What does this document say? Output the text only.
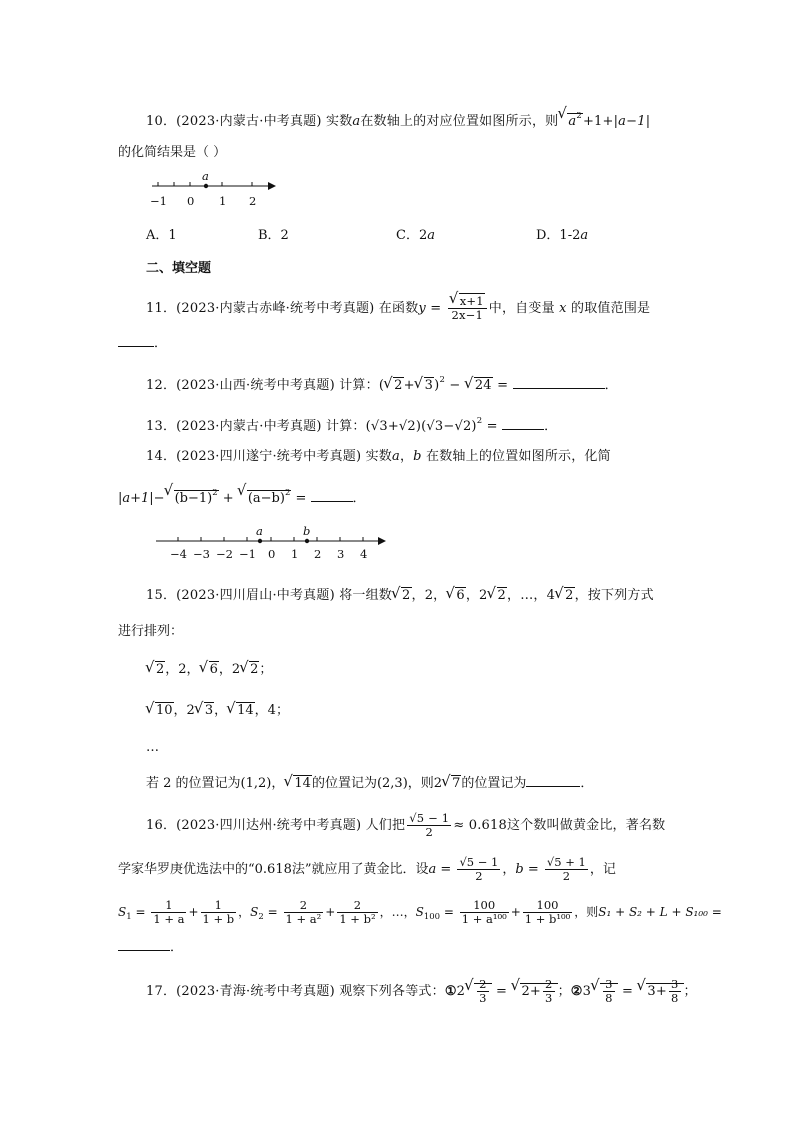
10．(2023·内蒙古·中考真题) 实数a在数轴上的对应位置如图所示，则 √ $a^2+1+|a-1|$
的化简结果是（ ）
a
−1 0 1 2
A．1	B．2	C．2a	D．1-2a
二、填空题
11．(2023·内蒙古赤峰·统考中考真题) 在函数y = √ $\frac{x+1}{2x-1}$ 中，自变量 x 的取值范围是
．
12．(2023·山西·统考中考真题) 计算：( √ 2+ √ 3)$^2$ − √ 24 =	．
13．(2023·内蒙古·中考真题) 计算：$(√3+√2)(√3-√2)^2$ =	．
14．(2023·四川遂宁·统考中考真题) 实数a，b 在数轴上的位置如图所示，化简
|a+1|− √ $(b-1)^2$ + √ $(a-b)^2$ =	．
a	b
−4 −3 −2 −1 0 1 2 3 4
15．(2023·四川眉山·中考真题) 将一组数 √ 2，2， √ 6，2 √ 2，…，4 √ 2，按下列方式
进行排列：
√ 2，2， √ 6，2 √ 2；
√ 10，2 √ 3， √ 14，4；
…
若 2 的位置记为(1,2)， √ 14的位置记为(2,3)，则2 √ 7的位置记为	．
16．(2023·四川达州·统考中考真题) 人们把 $\frac{√5 - 1}{2} \approx 0.618$这个数叫做黄金比，著名数
学家华罗庚优选法中的“0.618法”就应用了黄金比．设$a = \frac{√5 - 1}{2}$ ，$b = \frac{√5 + 1}{2}$ ，记
$S_1 = \frac{1}{1 + a} + \frac{1}{1 + b}$ ，$S_2 = \frac{2}{\text{1 + a²}} + \frac{2}{\text{1 + b²}}$ ，…，$S_{100} = \frac{100}{\text{1 + a¹⁰⁰}} + \frac{100}{\text{1 + b¹⁰⁰}}$ ，则S₁ + S₂ + L + S₁₀₀ =
．
17．(2023·青海·统考中考真题) 观察下列各等式：①2 √ $\frac{2}{3}$ = √ $2+ \frac{2}{3}$ ；②3 √ $\frac{3}{8}$ = √ $3+ \frac{3}{8}$ ；
